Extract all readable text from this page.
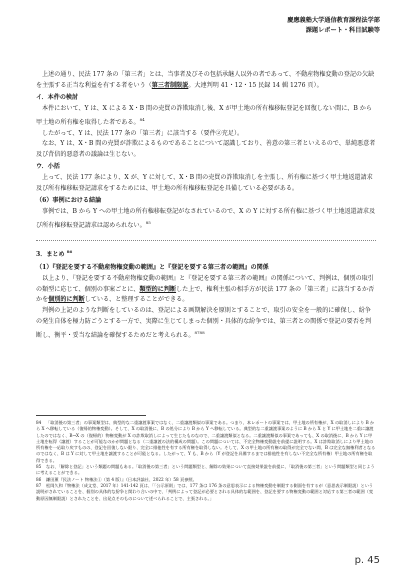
慶應義塾大学通信教育課程法学部
課題レポート・科目試験等

上述の通り、民法 177 条の「第三者」とは、当事者及びその包括承継人以外の者であって、不動産物権変動の登記の欠缺を主張する正当な利益を有する者をいう（第三者制限説。大連判明 41・12・15 民録 14 輯 1276 頁）。

イ．本件の検討

本件において、Y は、X による X・B 間の売買の詐欺取消し後、X が甲土地の所有権移転登記を回復しない間に、B から甲土地の所有権を取得した者である。$^{84}$

したがって、Y は、民法 177 条の「第三者」に該当する（要件②充足）。

なお、Y は、X・B 間の売買が詐欺によるものであることについて認識しており、善意の第三者といえるので、単純悪意者及び背信的悪意者の議論は生じない。

ウ．小括

上って、民法 177 条により、X が、Y に対して、X・B 間の売買の詐欺取消しを主張し、所有権に基づく甲土地返還請求及び所有権移転登記請求をするためには、甲土地の所有権移転登記を具備している必要がある。

（6）事例における結論

事例では、B から Y への甲土地の所有権移転登記がなされているので、X の Y に対する所有権に基づく甲土地返還請求及び所有権移転登記請求は認められない。$^{85}$

3．まとめ $^{86}$

（1）『登記を要する不動産物権変動の範囲』と『登記を要する第三者の範囲』の関係

以上より、『登記を要する不動産物権変動の範囲』と『登記を要する第三者の範囲』の関係について、判例は、個別の取引の類型に応じて、個別の事案ごとに、類型的に判断した上で、権利主張の相手方が民法 177 条の「第三者」に該当するか否かを個別的に判断している、と整理することができる。

判例の上記のような判断をしているのは、登記による画期解決を原則とすることで、取引の安全を一般的に確保し、紛争の発生自体を極力防ごうとする一方で、実際に生じてしまった個別・具体的な紛争では、第三者との関係で登記の要否を判断し、衡平・妥当な結論を確保するためだと考えられる。$^{8788}$

84 「取消後の第三者」の事案類型は、典型的な二重譲渡事案ではなく、二重譲渡類似の事案である。つまり、本レポートの事案では、甲土地の所有権が、X の取消しにより B から X へ移転している（復帰的物権変動）。そして、X の取消後に、B の処分により B から Y へ移転している。典型的な二重譲渡事案のように B から X と Y に甲土地を二重に譲渡したのではなく、B→X の（復帰的）物権変動が X の詐欺取消しによって生じたものなので、二重譲渡類似となる。二重譲渡類似の事案であっても、X の取消後に、B から Y に甲土地を転得（譲渡）することが可能なのかが問題となる（二重譲渡の法的構成の問題）。この問題については、不完全物権変動説を前提に説明する。X は詐欺取消しにより甲土地の所有権を一応取り戻すものの、登記を回復しない限り、完全に排他性を有する所有権を取得しない。そして、X の甲土地の所有権の取得が完全でない間、B は完全な無権利者となるのではなく、B は Y に対して甲土地を譲渡することが可能となる。したがって、Y も、B から（Y が登記を具備するまでは排他性を有しない不完全な所有権）甲土地の所有権を取得できる。

85 なお、「解除と登記」という類題の問題もある。「取消後の第三者」という問題類型と、解除の効果について直接効果説を前提に、「取消後の第三者」という問題類型と同じように考えることができる。

86 鎌田薫『民法ノート 物権法①（第 4 版）』（日本評論社、2022 年）58 頁参照。

87 松岡久和『物権法（成文堂、2017 年）141-142 頁は、「「公示原則」では、177 条は 176 条の意思表示による物権変動を制限する側面を有するが（意思表示制限説）という説明がされていることを、個別の具体的な紛争と関わり合いの中で、「判例によって登記が必要とされる具体的な範囲を、登記を要する物権変動の範囲と対応する第三者の範囲（変動原因無制限説）とされたことを、出発点そのものについて述べられることで、主張される。」

p. 45
